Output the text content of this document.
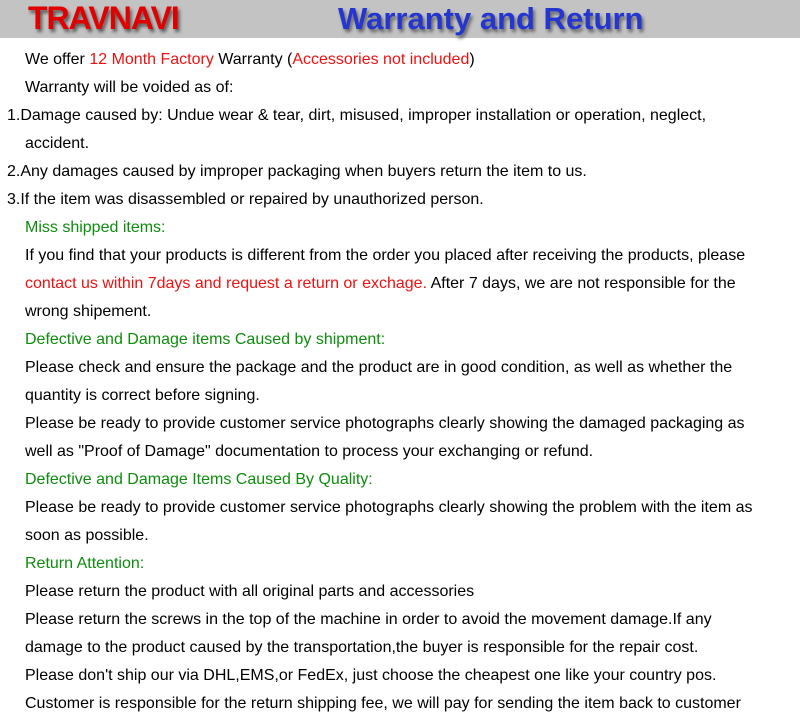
TRAVNAVI	Warranty and Return
We offer 12 Month Factory Warranty (Accessories not included)
Warranty will be voided as of:
1.Damage caused by: Undue wear & tear, dirt, misused, improper installation or operation, neglect,
accident.
2.Any damages caused by improper packaging when buyers return the item to us.
3.If the item was disassembled or repaired by unauthorized person.
Miss shipped items:
If you find that your products is different from the order you placed after receiving the products, please
contact us within 7days and request a return or exchage. After 7 days, we are not responsible for the
wrong shipement.
Defective and Damage items Caused by shipment:
Please check and ensure the package and the product are in good condition, as well as whether the
quantity is correct before signing.
Please be ready to provide customer service photographs clearly showing the damaged packaging as
well as "Proof of Damage" documentation to process your exchanging or refund.
Defective and Damage Items Caused By Quality:
Please be ready to provide customer service photographs clearly showing the problem with the item as
soon as possible.
Return Attention:
Please return the product with all original parts and accessories
Please return the screws in the top of the machine in order to avoid the movement damage.If any
damage to the product caused by the transportation,the buyer is responsible for the repair cost.
Please don't ship our via DHL,EMS,or FedEx, just choose the cheapest one like your country pos.
Customer is responsible for the return shipping fee, we will pay for sending the item back to customer
